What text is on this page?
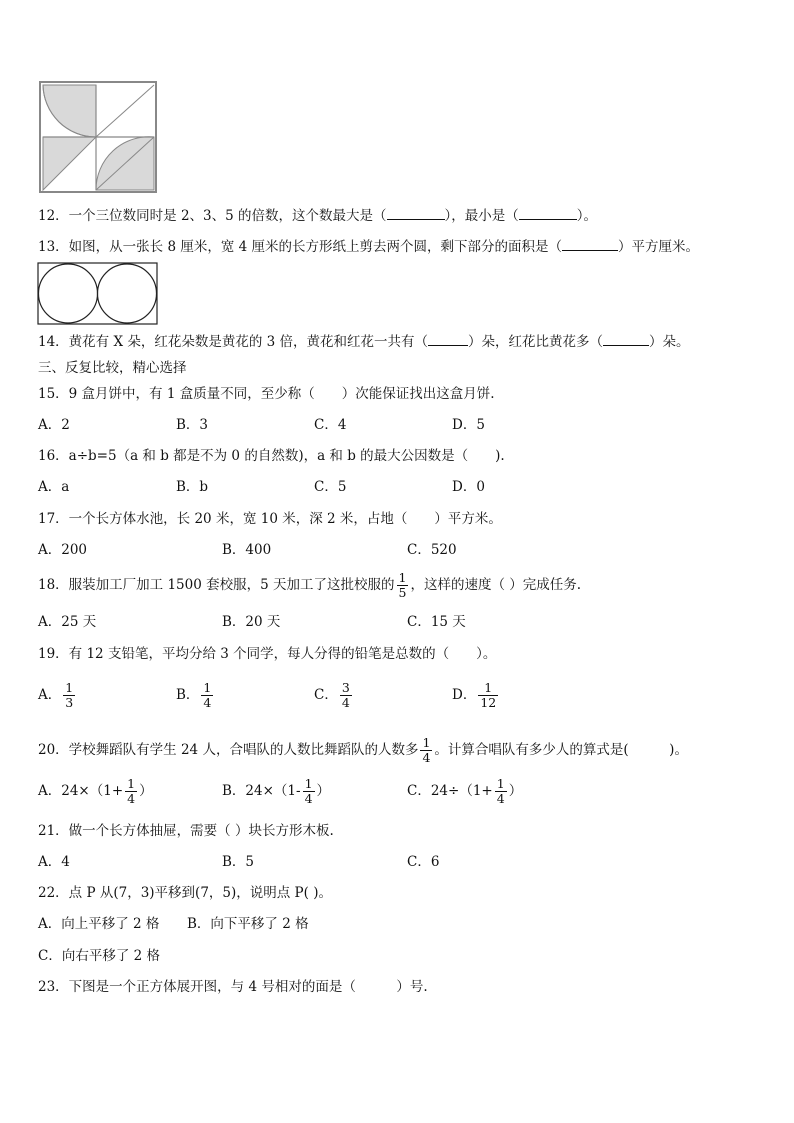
12．一个三位数同时是 2、3、5 的倍数，这个数最大是（	），最小是（	）。
13．如图，从一张长 8 厘米，宽 4 厘米的长方形纸上剪去两个圆，剩下部分的面积是（	）平方厘米。
14．黄花有 X 朵，红花朵数是黄花的 3 倍，黄花和红花一共有（	）朵，红花比黄花多（	）朵。
三、反复比较，精心选择
15．9 盒月饼中，有 1 盒质量不同，至少称（　　）次能保证找出这盒月饼.
A．2	B．3	C．4	D．5
16．a÷b=5（a 和 b 都是不为 0 的自然数)，a 和 b 的最大公因数是（　　).
A．a	B．b	C．5	D．0
17．一个长方体水池，长 20 米，宽 10 米，深 2 米，占地（　　）平方米。
A．200	B．400	C．520
18．服装加工厂加工 1500 套校服，5 天加工了这批校服的 $\frac{1}{5}$ ，这样的速度（ ）完成任务.
A．25 天	B．20 天	C．15 天
19．有 12 支铅笔，平均分给 3 个同学，每人分得的铅笔是总数的（　　）。
A． $\frac{1}{3}$	B． $\frac{1}{4}$	C． $\frac{3}{4}$	D． $\frac{1}{12}$
20．学校舞蹈队有学生 24 人，合唱队的人数比舞蹈队的人数多 $\frac{1}{4}$ 。计算合唱队有多少人的算式是(　　　)。
A．$24\times(1+ \frac{1}{4}$ ）	B．$24\times(1- \frac{1}{4}$ ）	C．$24\div(1+ \frac{1}{4}$ ）
21．做一个长方体抽屉，需要（ ）块长方形木板.
A．4	B．5	C．6
22．点 P 从(7，3)平移到(7，5)，说明点 P( )。
A．向上平移了 2 格 B．向下平移了 2 格
C．向右平移了 2 格
23．下图是一个正方体展开图，与 4 号相对的面是（　　　）号.
